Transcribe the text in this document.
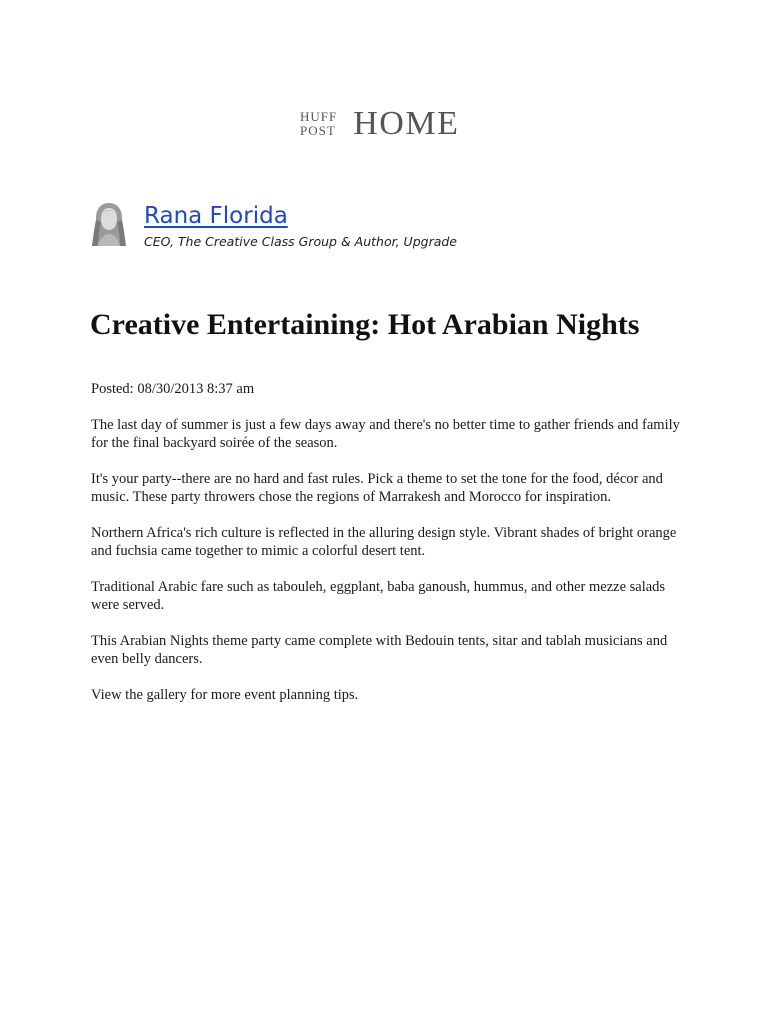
HUFF
POST HOME
Rana Florida
CEO, The Creative Class Group & Author, Upgrade
Creative Entertaining: Hot Arabian Nights
Posted: 08/30/2013 8:37 am

The last day of summer is just a few days away and there's no better time to gather friends and family for the final backyard soirée of the season.

It's your party--there are no hard and fast rules. Pick a theme to set the tone for the food, décor and music. These party throwers chose the regions of Marrakesh and Morocco for inspiration.

Northern Africa's rich culture is reflected in the alluring design style. Vibrant shades of bright orange and fuchsia came together to mimic a colorful desert tent.

Traditional Arabic fare such as tabouleh, eggplant, baba ganoush, hummus, and other mezze salads were served.

This Arabian Nights theme party came complete with Bedouin tents, sitar and tablah musicians and even belly dancers.

View the gallery for more event planning tips.
